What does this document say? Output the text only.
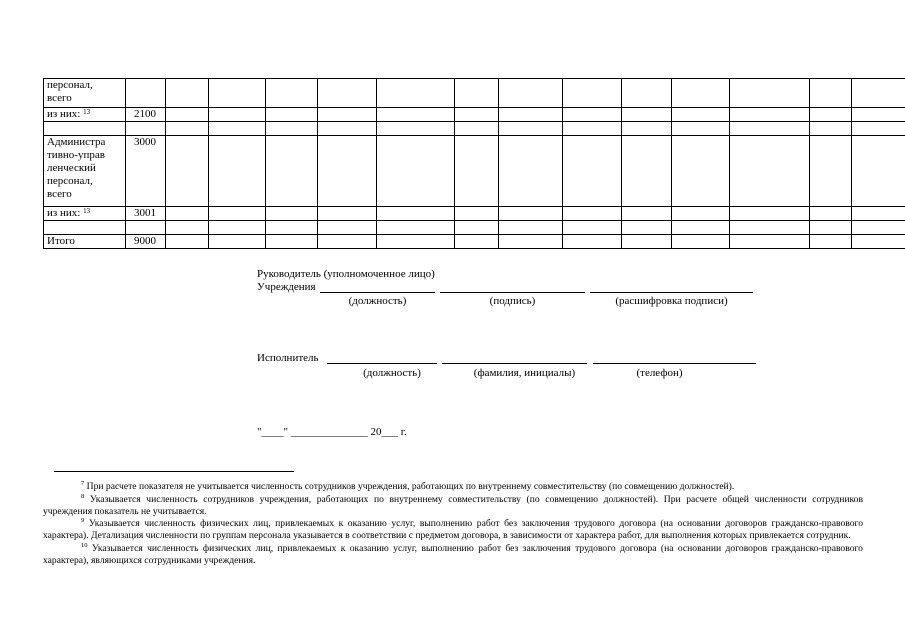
персонал,
всего														
из них: $^{13}$	2100													

Администра
тивно-управ
ленческий
персонал,
всего	3000													
из них: $^{13}$	3001													

Итого	9000													
Руководитель (уполномоченное лицо)
Учреждения
(должность)	(подпись)	(расшифровка подписи)
Исполнитель
(должность)	(фамилия, инициалы)	(телефон)
"____" ______________ 20___ г.

$^7$ При расчете показателя не учитывается численность сотрудников учреждения, работающих по внутреннему совместительству (по совмещению должностей).

$^8$ Указывается численность сотрудников учреждения, работающих по внутреннему совместительству (по совмещению должностей). При расчете общей численности сотрудников учреждения показатель не учитывается.

$^9$ Указывается численность физических лиц, привлекаемых к оказанию услуг, выполнению работ без заключения трудового договора (на основании договоров гражданско-правового характера). Детализация численности по группам персонала указывается в соответствии с предметом договора, в зависимости от характера работ, для выполнения которых привлекается сотрудник.

$^{10}$ Указывается численность физических лиц, привлекаемых к оказанию услуг, выполнению работ без заключения трудового договора (на основании договоров гражданско-правового характера), являющихся сотрудниками учреждения.
